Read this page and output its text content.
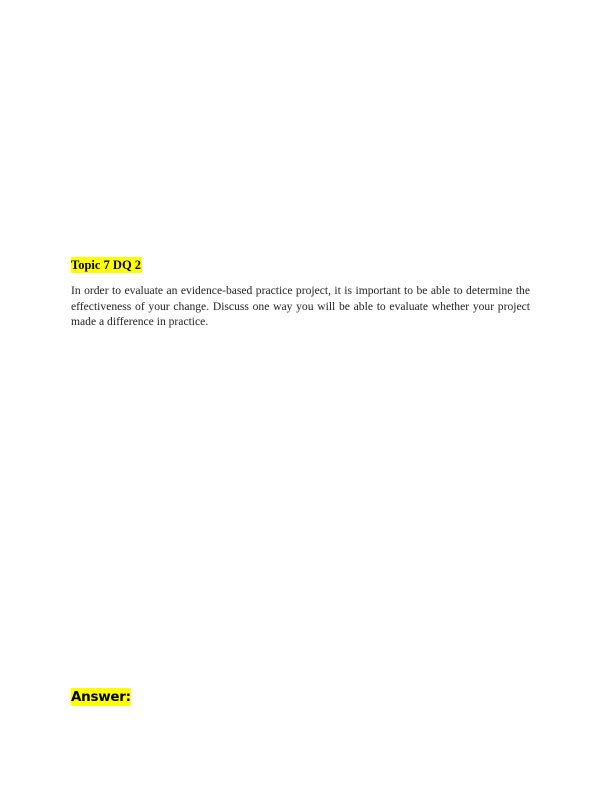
Topic 7 DQ 2
In order to evaluate an evidence-based practice project, it is important to be able to determine the
effectiveness of your change. Discuss one way you will be able to evaluate whether your project
made a difference in practice.
Answer:
